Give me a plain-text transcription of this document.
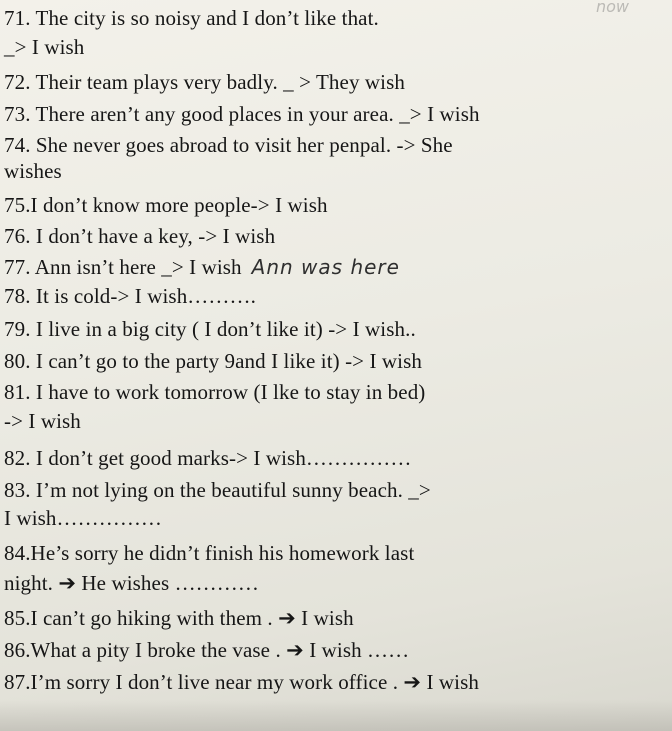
now
71. The city is so noisy and I don’t like that.
_> I wish
72. Their team plays very badly. _ > They wish
73. There aren’t any good places in your area. _> I wish
74. She never goes abroad to visit her penpal. -> She
wishes
75.I don’t know more people-> I wish
76. I don’t have a key, -> I wish
77. Ann isn’t here _> I wish Ann was here
78. It is cold-> I wish……….
79. I live in a big city ( I don’t like it) -> I wish..
80. I can’t go to the party 9and I like it) -> I wish
81. I have to work tomorrow (I lke to stay in bed)
-> I wish
82. I don’t get good marks-> I wish……………
83. I’m not lying on the beautiful sunny beach. _>
I wish……………
84.He’s sorry he didn’t finish his homework last
night. ➔ He wishes …………
85.I can’t go hiking with them . ➔ I wish
86.What a pity I broke the vase . ➔ I wish ……
87.I’m sorry I don’t live near my work office . ➔ I wish
